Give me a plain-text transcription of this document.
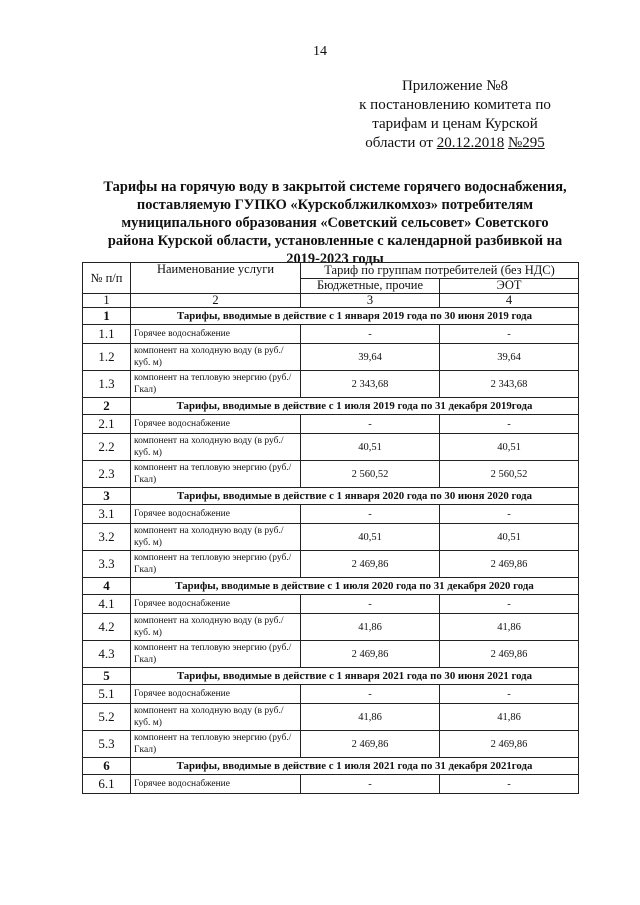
14
Приложение №8
к постановлению комитета по
тарифам и ценам Курской
области от 20.12.2018 №295
Тарифы на горячую воду в закрытой системе горячего водоснабжения, поставляемую ГУПКО «Курскоблжилкомхоз» потребителям муниципального образования «Советский сельсовет» Советского района Курской области, установленные с календарной разбивкой на 2019-2023 годы
№ п/п	Наименование услуги	Тариф по группам потребителей (без НДС)	
		Бюджетные, прочие	ЭОТ
1	2	3	4
1	Тарифы, вводимые в действие с 1 января 2019 года по 30 июня 2019 года		
1.1	Горячее водоснабжение	-	-
1.2	компонент на холодную воду (в руб./куб. м)	39,64	39,64
1.3	компонент на тепловую энергию (руб./Гкал)	2 343,68	2 343,68
2	Тарифы, вводимые в действие с 1 июля 2019 года по 31 декабря 2019года		
2.1	Горячее водоснабжение	-	-
2.2	компонент на холодную воду (в руб./куб. м)	40,51	40,51
2.3	компонент на тепловую энергию (руб./Гкал)	2 560,52	2 560,52
3	Тарифы, вводимые в действие с 1 января 2020 года по 30 июня 2020 года		
3.1	Горячее водоснабжение	-	-
3.2	компонент на холодную воду (в руб./куб. м)	40,51	40,51
3.3	компонент на тепловую энергию (руб./Гкал)	2 469,86	2 469,86
4	Тарифы, вводимые в действие с 1 июля 2020 года по 31 декабря 2020 года		
4.1	Горячее водоснабжение	-	-
4.2	компонент на холодную воду (в руб./куб. м)	41,86	41,86
4.3	компонент на тепловую энергию (руб./Гкал)	2 469,86	2 469,86
5	Тарифы, вводимые в действие с 1 января 2021 года по 30 июня 2021 года		
5.1	Горячее водоснабжение	-	-
5.2	компонент на холодную воду (в руб./куб. м)	41,86	41,86
5.3	компонент на тепловую энергию (руб./Гкал)	2 469,86	2 469,86
6	Тарифы, вводимые в действие с 1 июля 2021 года по 31 декабря 2021года		
6.1	Горячее водоснабжение	-	-
